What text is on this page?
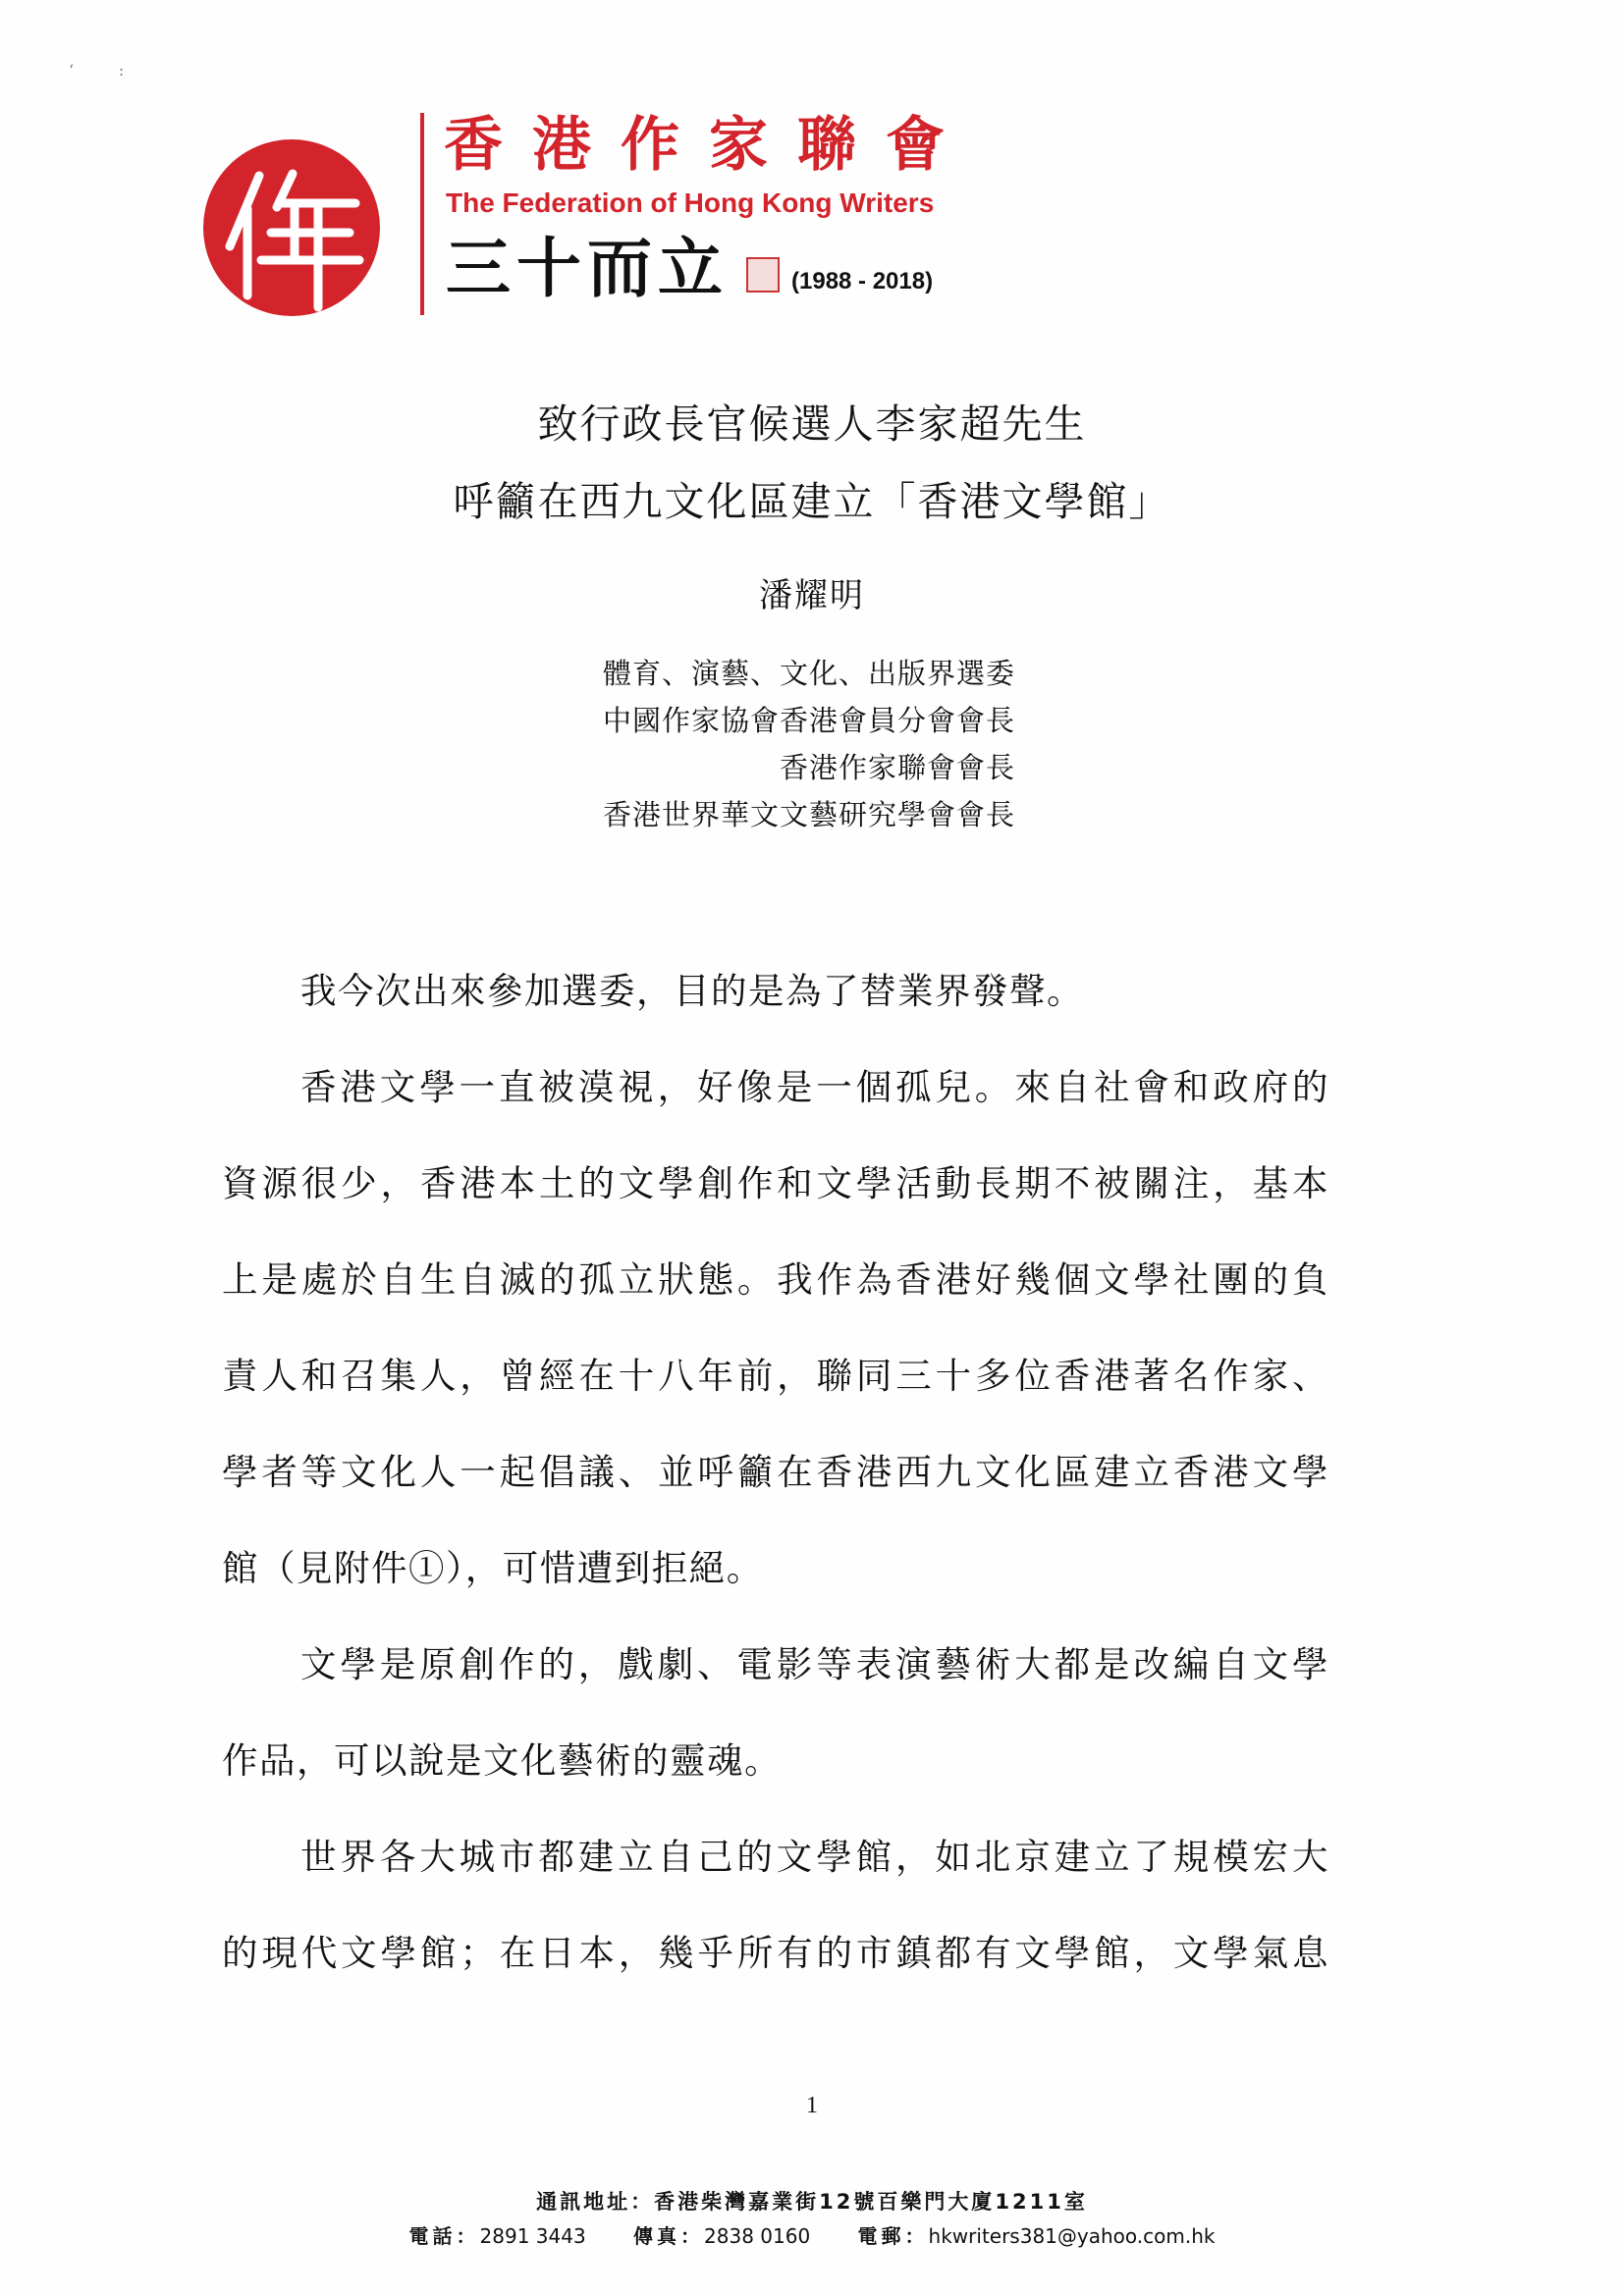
ʻ         :
香港作家聯會

The Federation of Hong Kong Writers

三十而立	(1988 - 2018)

致行政長官候選人李家超先生

呼籲在西九文化區建立「香港文學館」

潘耀明

體育、演藝、文化、出版界選委
中國作家協會香港會員分會會長
香港作家聯會會長
香港世界華文文藝研究學會會長
我今次出來參加選委，目的是為了替業界發聲。
香港文學一直被漠視，好像是一個孤兒。來自社會和政府的
資源很少，香港本土的文學創作和文學活動長期不被關注，基本
上是處於自生自滅的孤立狀態。我作為香港好幾個文學社團的負
責人和召集人，曾經在十八年前，聯同三十多位香港著名作家、
學者等文化人一起倡議、並呼籲在香港西九文化區建立香港文學
館（見附件①），可惜遭到拒絕。
文學是原創作的，戲劇、電影等表演藝術大都是改編自文學
作品，可以說是文化藝術的靈魂。
世界各大城市都建立自己的文學館，如北京建立了規模宏大
的現代文學館；在日本，幾乎所有的市鎮都有文學館，文學氣息

1

通訊地址：香港柴灣嘉業街12號百樂門大廈1211室

電話：2891 3443 傳真：2838 0160 電郵：hkwriters381@yahoo.com.hk
